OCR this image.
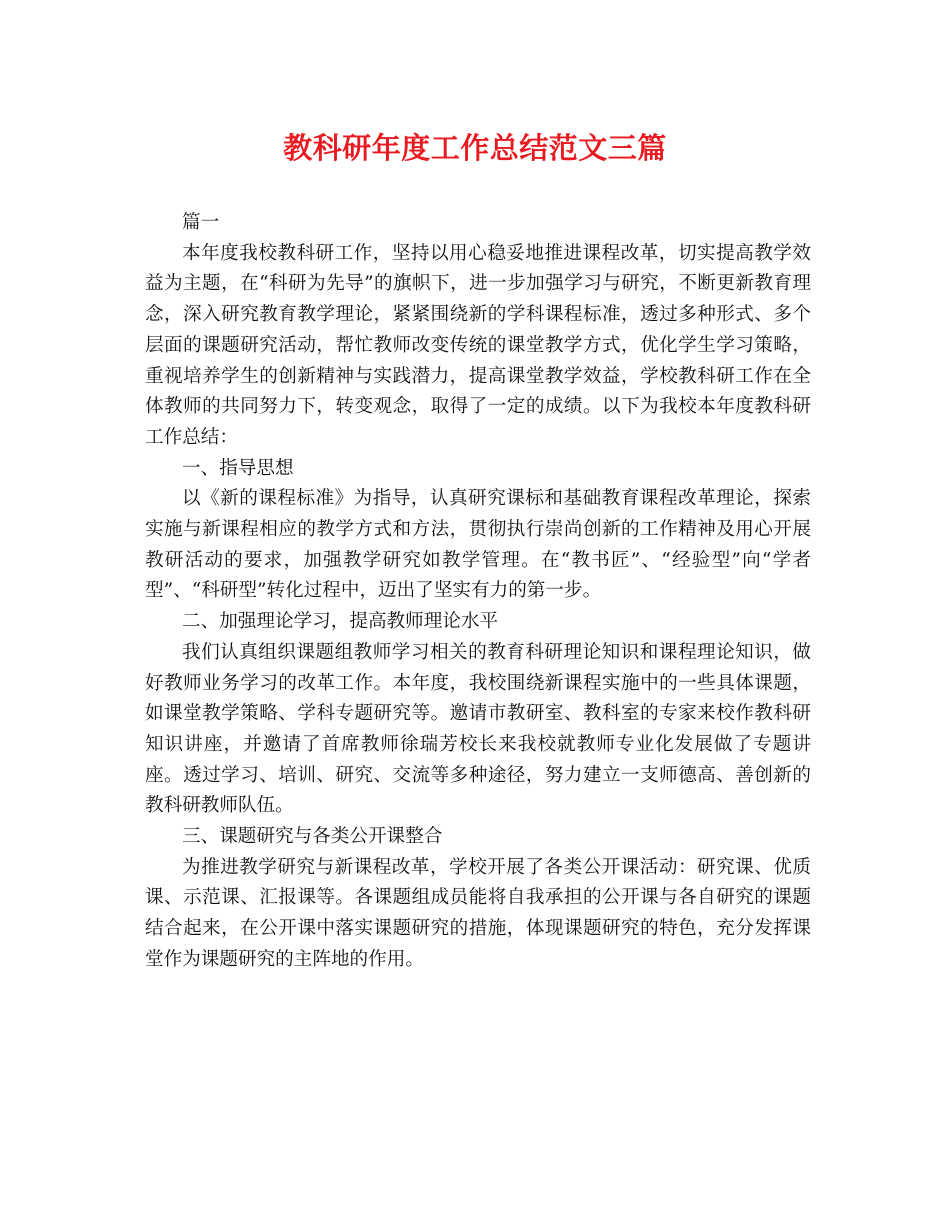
教科研年度工作总结范文三篇

篇一

本年度我校教科研工作，坚持以用心稳妥地推进课程改革，切实提高教学效益为主题，在“科研为先导”的旗帜下，进一步加强学习与研究，不断更新教育理念，深入研究教育教学理论，紧紧围绕新的学科课程标准，透过多种形式、多个层面的课题研究活动，帮忙教师改变传统的课堂教学方式，优化学生学习策略，重视培养学生的创新精神与实践潜力，提高课堂教学效益，学校教科研工作在全体教师的共同努力下，转变观念，取得了一定的成绩。以下为我校本年度教科研工作总结：

一、指导思想

以《新的课程标准》为指导，认真研究课标和基础教育课程改革理论，探索实施与新课程相应的教学方式和方法，贯彻执行崇尚创新的工作精神及用心开展教研活动的要求，加强教学研究如教学管理。在“教书匠”、“经验型”向“学者型”、“科研型”转化过程中，迈出了坚实有力的第一步。

二、加强理论学习，提高教师理论水平

我们认真组织课题组教师学习相关的教育科研理论知识和课程理论知识，做好教师业务学习的改革工作。本年度，我校围绕新课程实施中的一些具体课题，如课堂教学策略、学科专题研究等。邀请市教研室、教科室的专家来校作教科研知识讲座，并邀请了首席教师徐瑞芳校长来我校就教师专业化发展做了专题讲座。透过学习、培训、研究、交流等多种途径，努力建立一支师德高、善创新的教科研教师队伍。

三、课题研究与各类公开课整合

为推进教学研究与新课程改革，学校开展了各类公开课活动：研究课、优质课、示范课、汇报课等。各课题组成员能将自我承担的公开课与各自研究的课题结合起来，在公开课中落实课题研究的措施，体现课题研究的特色，充分发挥课堂作为课题研究的主阵地的作用。
